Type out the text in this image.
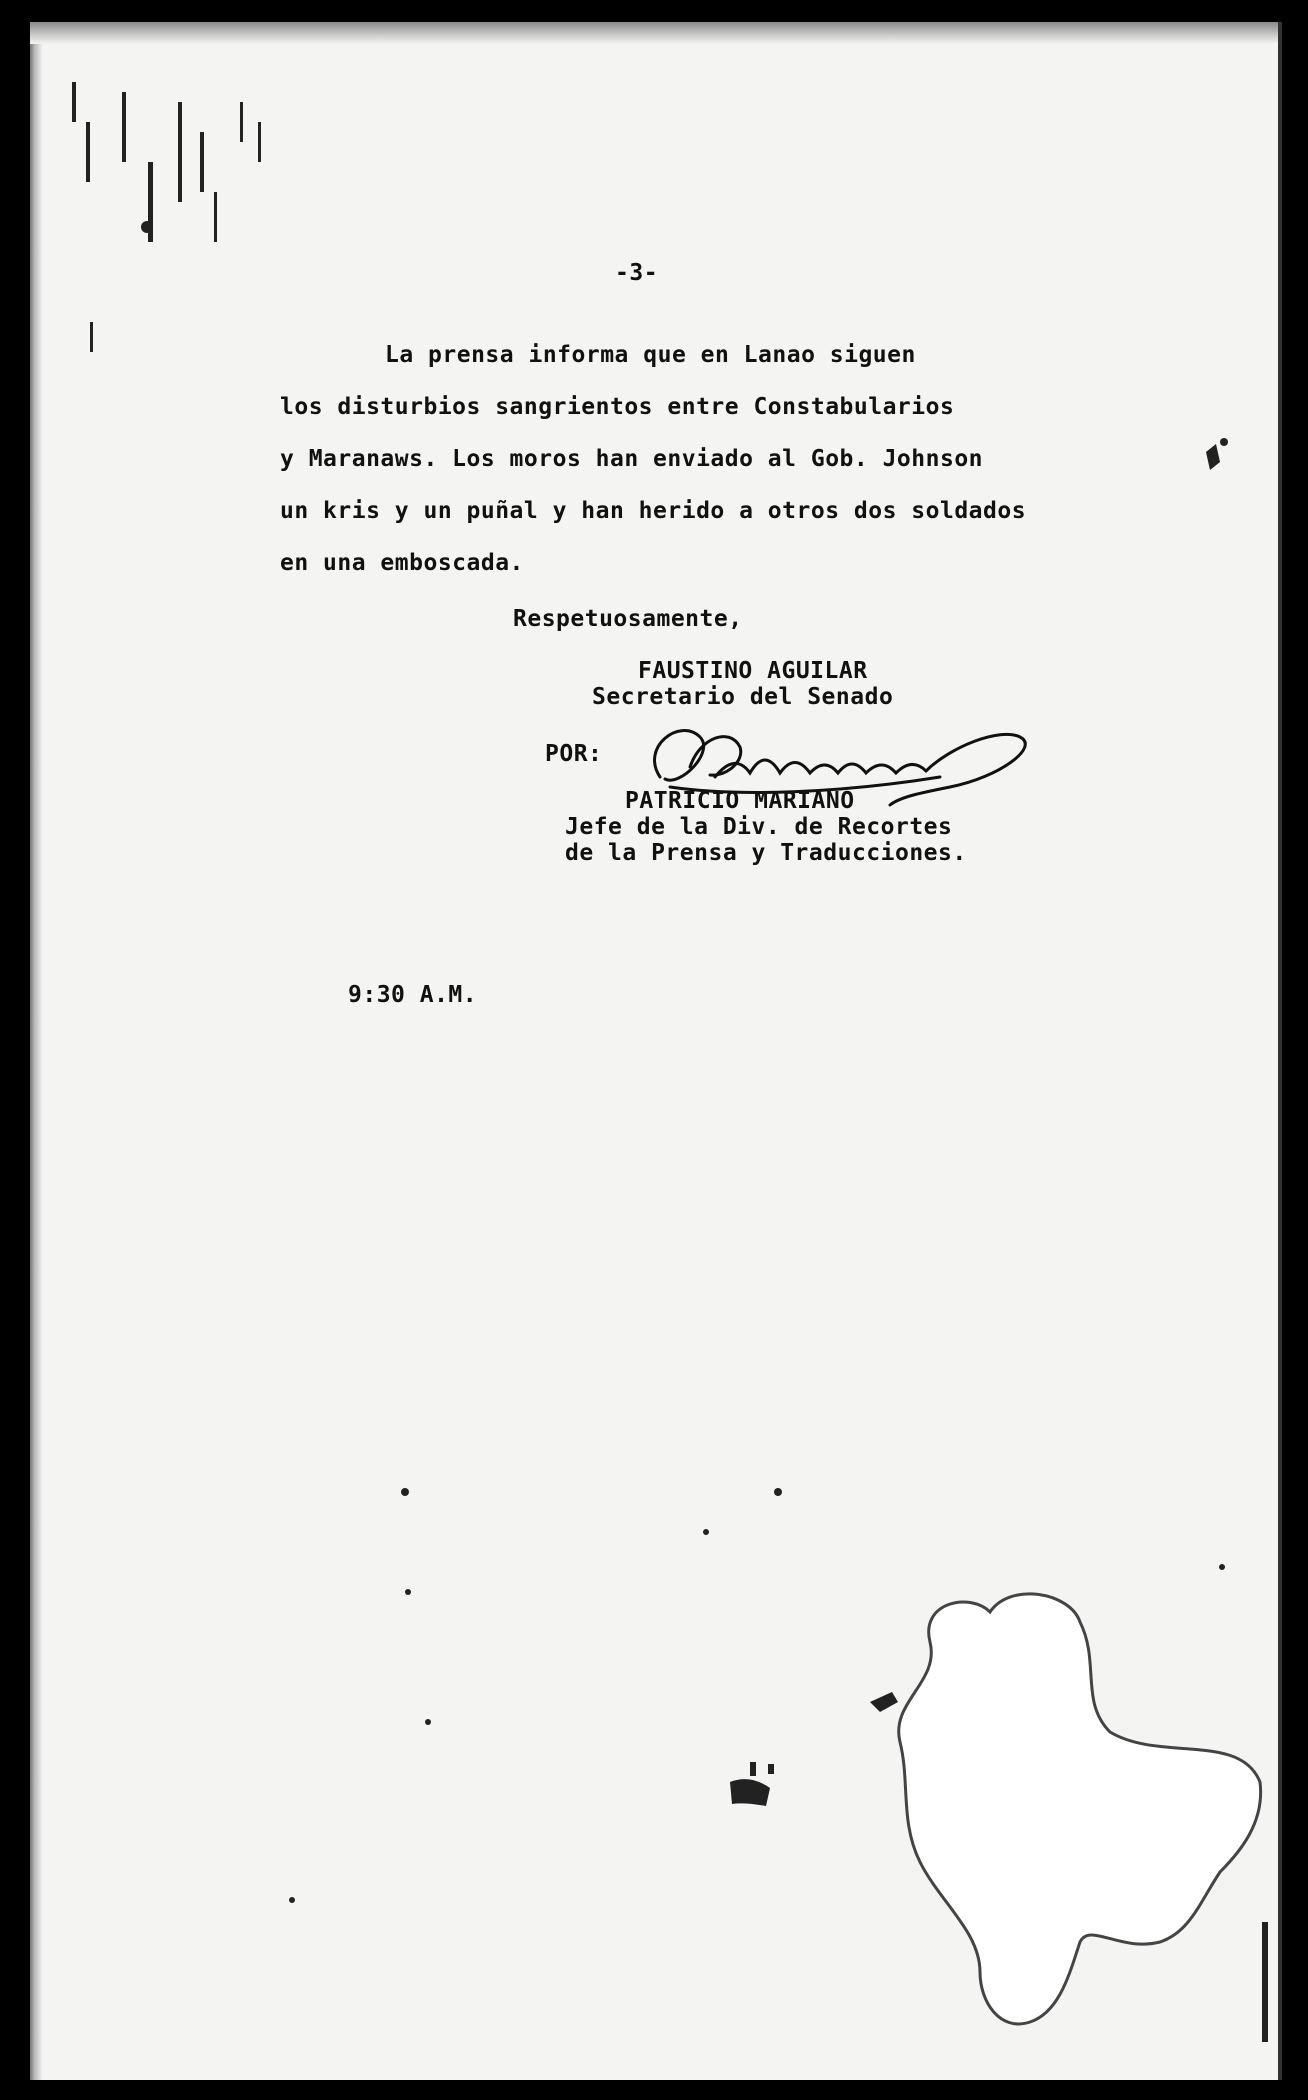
-3-
La prensa informa que en Lanao siguen
los disturbios sangrientos entre Constabularios
y Maranaws. Los moros han enviado al Gob. Johnson
un kris y un puñal y han herido a otros dos soldados
en una emboscada.
Respetuosamente,
FAUSTINO AGUILAR
Secretario del Senado
POR:
PATRICIO MARIANO
Jefe de la Div. de Recortes
de la Prensa y Traducciones.
9:30 A.M.
